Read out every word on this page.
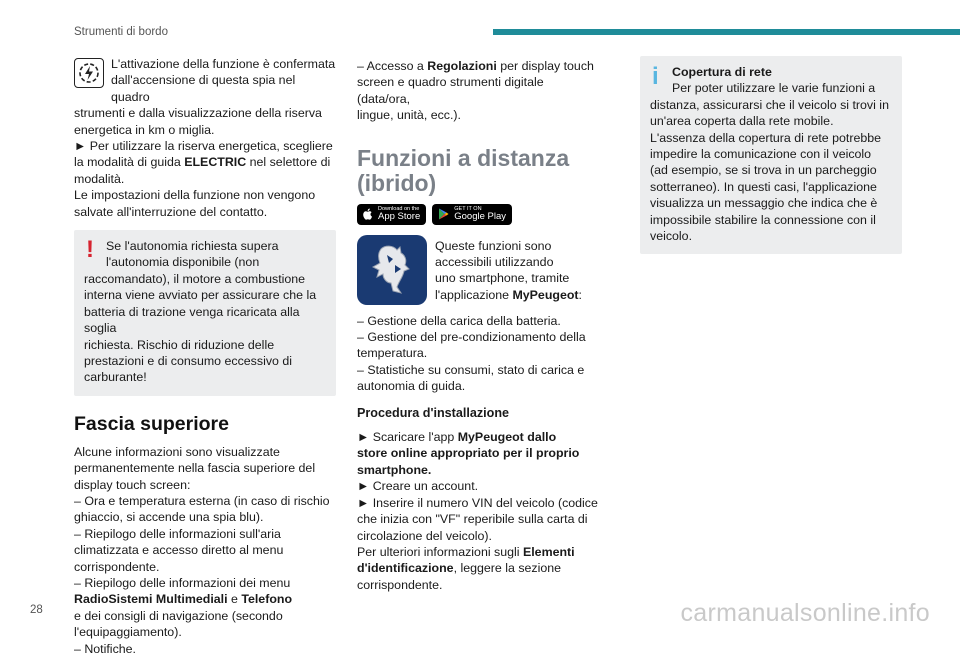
Strumenti di bordo
L'attivazione della funzione è confermata
dall'accensione di questa spia nel quadro
strumenti e dalla visualizzazione della riserva
energetica in km o miglia.
► Per utilizzare la riserva energetica, scegliere
la modalità di guida ELECTRIC nel selettore di
modalità.
Le impostazioni della funzione non vengono
salvate all'interruzione del contatto.
! Se l'autonomia richiesta supera
l'autonomia disponibile (non
raccomandato), il motore a combustione
interna viene avviato per assicurare che la
batteria di trazione venga ricaricata alla soglia
richiesta. Rischio di riduzione delle
prestazioni e di consumo eccessivo di
carburante!
Fascia superiore
Alcune informazioni sono visualizzate
permanentemente nella fascia superiore del
display touch screen:
– Ora e temperatura esterna (in caso di rischio
ghiaccio, si accende una spia blu).
– Riepilogo delle informazioni sull'aria
climatizzata e accesso diretto al menu
corrispondente.
– Riepilogo delle informazioni dei menu
RadioSistemi Multimediali e Telefono
e dei consigli di navigazione (secondo
l'equipaggiamento).
– Notifiche.
– Accesso a Regolazioni per display touch
screen e quadro strumenti digitale (data/ora,
lingue, unità, ecc.).
Funzioni a distanza
(ibrido)
Download on the
App Store
GET IT ON
Google Play
Queste funzioni sono
accessibili utilizzando
uno smartphone, tramite
l'applicazione MyPeugeot:
– Gestione della carica della batteria.
– Gestione del pre-condizionamento della
temperatura.
– Statistiche su consumi, stato di carica e
autonomia di guida.
Procedura d'installazione
► Scaricare l'app MyPeugeot dallo
store online appropriato per il proprio
smartphone.
► Creare un account.
► Inserire il numero VIN del veicolo (codice
che inizia con "VF" reperibile sulla carta di
circolazione del veicolo).
Per ulteriori informazioni sugli Elementi
d'identificazione, leggere la sezione
corrispondente.
i	Copertura di rete
Per poter utilizzare le varie funzioni a
distanza, assicurarsi che il veicolo si trovi in
un'area coperta dalla rete mobile.
L'assenza della copertura di rete potrebbe
impedire la comunicazione con il veicolo
(ad esempio, se si trova in un parcheggio
sotterraneo). In questi casi, l'applicazione
visualizza un messaggio che indica che è
impossibile stabilire la connessione con il
veicolo.
28	carmanualsonline.info
